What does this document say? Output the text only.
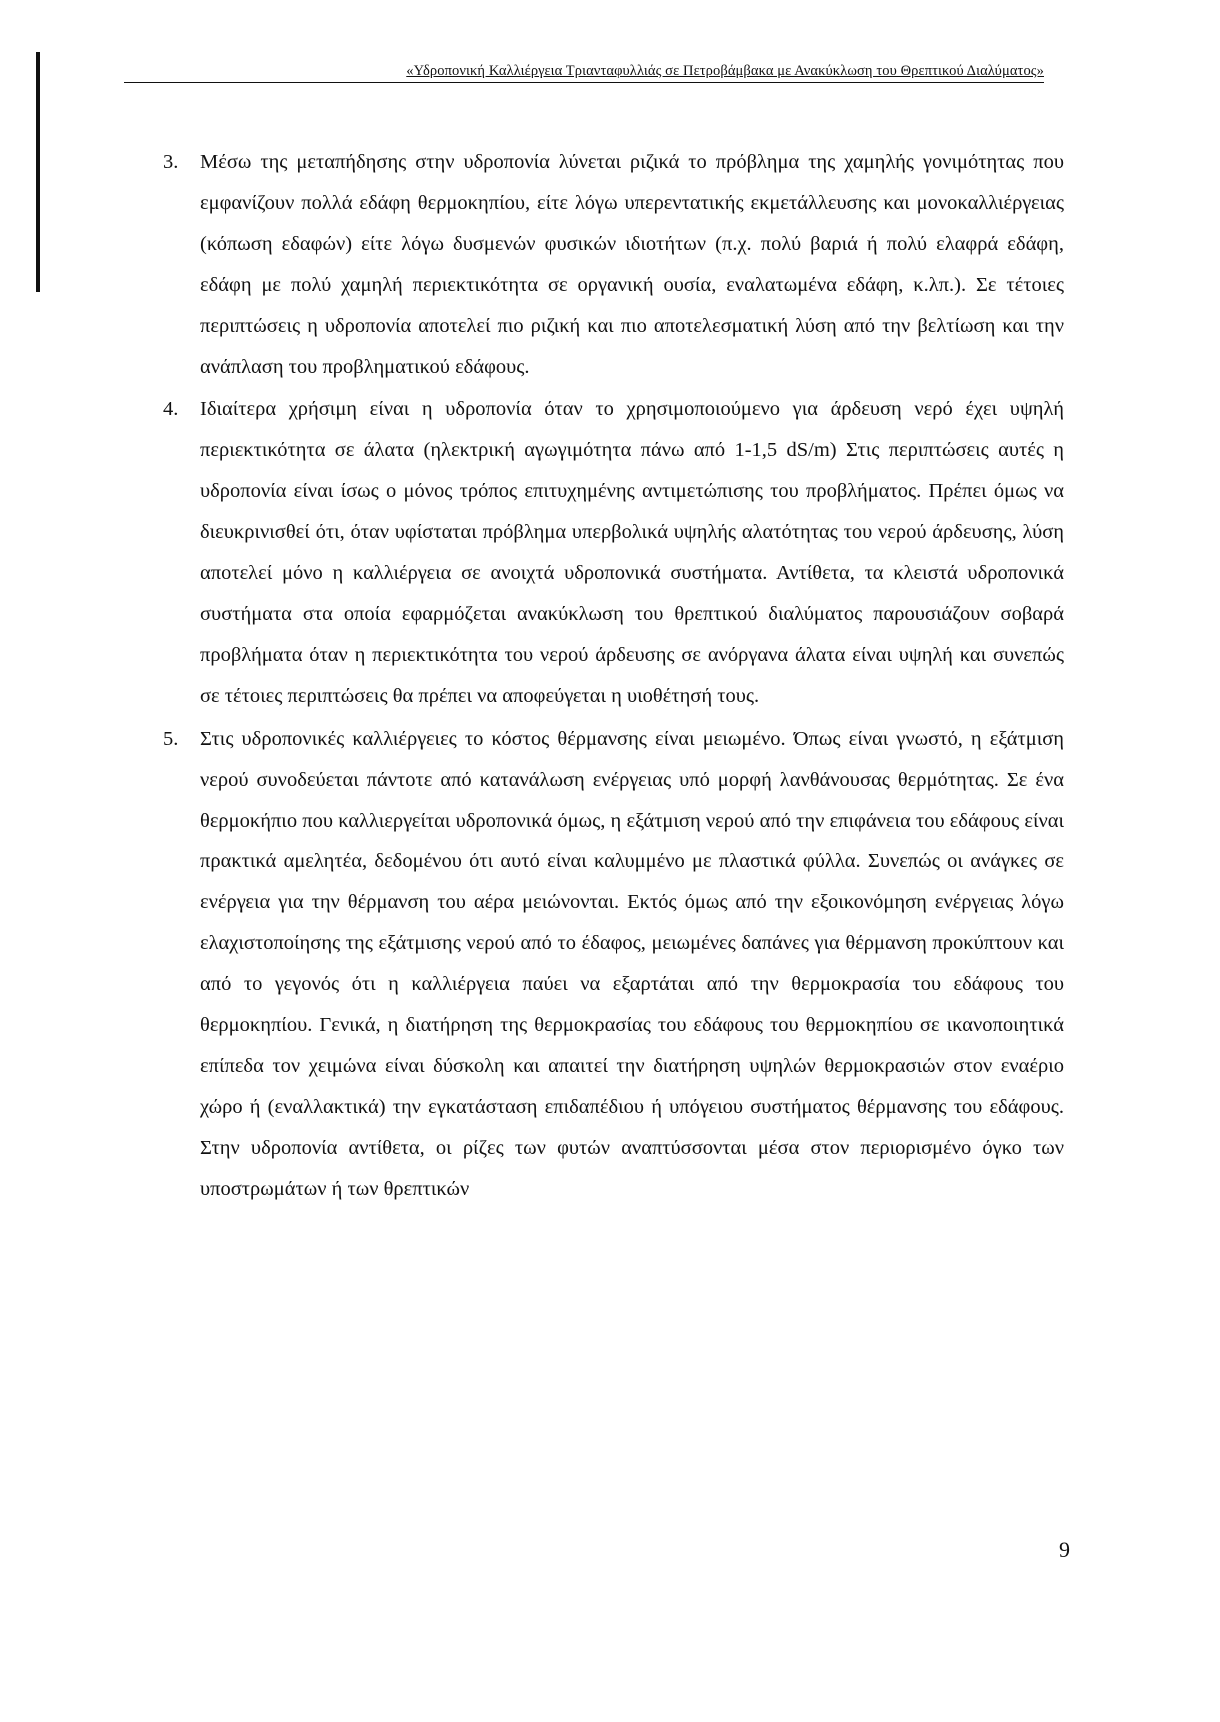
«Υδροπονική Καλλιέργεια Τριανταφυλλιάς σε Πετροβάμβακα με Ανακύκλωση του Θρεπτικού Διαλύματος»
3. Μέσω της μεταπήδησης στην υδροπονία λύνεται ριζικά το πρόβλημα της χαμηλής γονιμότητας που εμφανίζουν πολλά εδάφη θερμοκηπίου, είτε λόγω υπερεντατικής εκμετάλλευσης και μονοκαλλιέργειας (κόπωση εδαφών) είτε λόγω δυσμενών φυσικών ιδιοτήτων (π.χ. πολύ βαριά ή πολύ ελαφρά εδάφη, εδάφη με πολύ χαμηλή περιεκτικότητα σε οργανική ουσία, εναλατωμένα εδάφη, κ.λπ.). Σε τέτοιες περιπτώσεις η υδροπονία αποτελεί πιο ριζική και πιο αποτελεσματική λύση από την βελτίωση και την ανάπλαση του προβληματικού εδάφους.
4. Ιδιαίτερα χρήσιμη είναι η υδροπονία όταν το χρησιμοποιούμενο για άρδευση νερό έχει υψηλή περιεκτικότητα σε άλατα (ηλεκτρική αγωγιμότητα πάνω από 1-1,5 dS/m) Στις περιπτώσεις αυτές η υδροπονία είναι ίσως ο μόνος τρόπος επιτυχημένης αντιμετώπισης του προβλήματος. Πρέπει όμως να διευκρινισθεί ότι, όταν υφίσταται πρόβλημα υπερβολικά υψηλής αλατότητας του νερού άρδευσης, λύση αποτελεί μόνο η καλλιέργεια σε ανοιχτά υδροπονικά συστήματα. Αντίθετα, τα κλειστά υδροπονικά συστήματα στα οποία εφαρμόζεται ανακύκλωση του θρεπτικού διαλύματος παρουσιάζουν σοβαρά προβλήματα όταν η περιεκτικότητα του νερού άρδευσης σε ανόργανα άλατα είναι υψηλή και συνεπώς σε τέτοιες περιπτώσεις θα πρέπει να αποφεύγεται η υιοθέτησή τους.
5. Στις υδροπονικές καλλιέργειες το κόστος θέρμανσης είναι μειωμένο. Όπως είναι γνωστό, η εξάτμιση νερού συνοδεύεται πάντοτε από κατανάλωση ενέργειας υπό μορφή λανθάνουσας θερμότητας. Σε ένα θερμοκήπιο που καλλιεργείται υδροπονικά όμως, η εξάτμιση νερού από την επιφάνεια του εδάφους είναι πρακτικά αμελητέα, δεδομένου ότι αυτό είναι καλυμμένο με πλαστικά φύλλα. Συνεπώς οι ανάγκες σε ενέργεια για την θέρμανση του αέρα μειώνονται. Εκτός όμως από την εξοικονόμηση ενέργειας λόγω ελαχιστοποίησης της εξάτμισης νερού από το έδαφος, μειωμένες δαπάνες για θέρμανση προκύπτουν και από το γεγονός ότι η καλλιέργεια παύει να εξαρτάται από την θερμοκρασία του εδάφους του θερμοκηπίου. Γενικά, η διατήρηση της θερμοκρασίας του εδάφους του θερμοκηπίου σε ικανοποιητικά επίπεδα τον χειμώνα είναι δύσκολη και απαιτεί την διατήρηση υψηλών θερμοκρασιών στον εναέριο χώρο ή (εναλλακτικά) την εγκατάσταση επιδαπέδιου ή υπόγειου συστήματος θέρμανσης του εδάφους. Στην υδροπονία αντίθετα, οι ρίζες των φυτών αναπτύσσονται μέσα στον περιορισμένο όγκο των υποστρωμάτων ή των θρεπτικών
9
